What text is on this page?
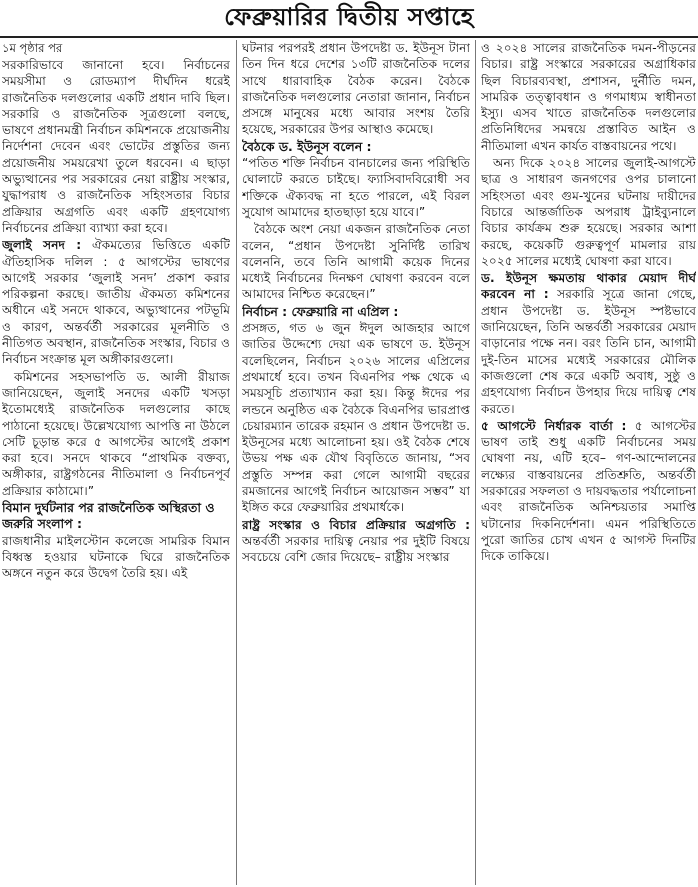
ফেব্রুয়ারির দ্বিতীয় সপ্তাহে
১ম পৃষ্ঠার পর

সরকারিভাবে জানানো হবে। নির্বাচনের সময়সীমা ও রোডম্যাপ দীর্ঘদিন ধরেই রাজনৈতিক দলগুলোর একটি প্রধান দাবি ছিল। সরকারি ও রাজনৈতিক সূত্রগুলো বলছে, ভাষণে প্রধানমন্ত্রী নির্বাচন কমিশনকে প্রয়োজনীয় নির্দেশনা দেবেন এবং ভোটের প্রস্তুতির জন্য প্রয়োজনীয় সময়রেখা তুলে ধরবেন। এ ছাড়া অভ্যুত্থানের পর সরকারের নেয়া রাষ্ট্রীয় সংস্কার, যুদ্ধাপরাধ ও রাজনৈতিক সহিংসতার বিচার প্রক্রিয়ার অগ্রগতি এবং একটি গ্রহণযোগ্য নির্বাচনের প্রক্রিয়া ব্যাখ্যা করা হবে।

জুলাই সনদ : ঐকমত্যের ভিত্তিতে একটি ঐতিহাসিক দলিল : ৫ আগস্টের ভাষণের আগেই সরকার ‘জুলাই সনদ’ প্রকাশ করার পরিকল্পনা করছে। জাতীয় ঐকমত্য কমিশনের অধীনে এই সনদে থাকবে, অভ্যুত্থানের পটভূমি ও কারণ, অন্তর্বর্তী সরকারের মূলনীতি ও নীতিগত অবস্থান, রাজনৈতিক সংস্কার, বিচার ও নির্বাচন সংক্রান্ত মূল অঙ্গীকারগুলো।

কমিশনের সহসভাপতি ড. আলী রীয়াজ জানিয়েছেন, জুলাই সনদের একটি খসড়া ইতোমধ্যেই রাজনৈতিক দলগুলোর কাছে পাঠানো হয়েছে। উল্লেখযোগ্য আপত্তি না উঠলে সেটি চূড়ান্ত করে ৫ আগস্টের আগেই প্রকাশ করা হবে। সনদে থাকবে “প্রাথমিক বক্তব্য, অঙ্গীকার, রাষ্ট্রগঠনের নীতিমালা ও নির্বাচনপূর্ব প্রক্রিয়ার কাঠামো।”

বিমান দুর্ঘটনার পর রাজনৈতিক অস্থিরতা ও জরুরি সংলাপ :

রাজধানীর মাইলস্টোন কলেজে সামরিক বিমান বিধ্বস্ত হওয়ার ঘটনাকে ঘিরে রাজনৈতিক অঙ্গনে নতুন করে উদ্বেগ তৈরি হয়। এই

ঘটনার পরপরই প্রধান উপদেষ্টা ড. ইউনূস টানা তিন দিন ধরে দেশের ১৩টি রাজনৈতিক দলের সাথে ধারাবাহিক বৈঠক করেন। বৈঠকে রাজনৈতিক দলগুলোর নেতারা জানান, নির্বাচন প্রসঙ্গে মানুষের মধ্যে আবার সংশয় তৈরি হয়েছে, সরকারের উপর আস্থাও কমেছে।

বৈঠকে ড. ইউনূস বলেন :

“পতিত শক্তি নির্বাচন বানচালের জন্য পরিস্থিতি ঘোলাটে করতে চাইছে। ফ্যাসিবাদবিরোধী সব শক্তিকে ঐক্যবদ্ধ না হতে পারলে, এই বিরল সুযোগ আমাদের হাতছাড়া হয়ে যাবে।”

বৈঠকে অংশ নেয়া একজন রাজনৈতিক নেতা বলেন, “প্রধান উপদেষ্টা সুনির্দিষ্ট তারিখ বলেননি, তবে তিনি আগামী কয়েক দিনের মধ্যেই নির্বাচনের দিনক্ষণ ঘোষণা করবেন বলে আমাদের নিশ্চিত করেছেন।”

নির্বাচন : ফেব্রুয়ারি না এপ্রিল :

প্রসঙ্গত, গত ৬ জুন ঈদুল আজহার আগে জাতির উদ্দেশ্যে দেয়া এক ভাষণে ড. ইউনূস বলেছিলেন, নির্বাচন ২০২৬ সালের এপ্রিলের প্রথমার্ধে হবে। তখন বিএনপির পক্ষ থেকে এ সময়সূচি প্রত্যাখ্যান করা হয়। কিন্তু ঈদের পর লন্ডনে অনুষ্ঠিত এক বৈঠকে বিএনপির ভারপ্রাপ্ত চেয়ারম্যান তারেক রহমান ও প্রধান উপদেষ্টা ড. ইউনূসের মধ্যে আলোচনা হয়। ওই বৈঠক শেষে উভয় পক্ষ এক যৌথ বিবৃতিতে জানায়, “সব প্রস্তুতি সম্পন্ন করা গেলে আগামী বছরের রমজানের আগেই নির্বাচন আয়োজন সম্ভব” যা ইঙ্গিত করে ফেব্রুয়ারির প্রথমার্ধকে।

রাষ্ট্র সংস্কার ও বিচার প্রক্রিয়ার অগ্রগতি : অন্তর্বর্তী সরকার দায়িত্ব নেয়ার পর দুইটি বিষয়ে সবচেয়ে বেশি জোর দিয়েছে– রাষ্ট্রীয় সংস্কার

ও ২০২৪ সালের রাজনৈতিক দমন-পীড়নের বিচার। রাষ্ট্র সংস্কারে সরকারের অগ্রাধিকার ছিল বিচারব্যবস্থা, প্রশাসন, দুর্নীতি দমন, সামরিক তত্ত্বাবধান ও গণমাধ্যম স্বাধীনতা ইস্যু। এসব খাতে রাজনৈতিক দলগুলোর প্রতিনিধিদের সমন্বয়ে প্রস্তাবিত আইন ও নীতিমালা এখন কার্যত বাস্তবায়নের পথে।

অন্য দিকে ২০২৪ সালের জুলাই-আগস্টে ছাত্র ও সাধারণ জনগণের ওপর চালানো সহিংসতা এবং গুম-খুনের ঘটনায় দায়ীদের বিচারে আন্তর্জাতিক অপরাধ ট্রাইব্যুনালে বিচার কার্যক্রম শুরু হয়েছে। সরকার আশা করছে, কয়েকটি গুরুত্বপূর্ণ মামলার রায় ২০২৫ সালের মধ্যেই ঘোষণা করা যাবে।

ড. ইউনূস ক্ষমতায় থাকার মেয়াদ দীর্ঘ করবেন না : সরকারি সূত্রে জানা গেছে, প্রধান উপদেষ্টা ড. ইউনূস স্পষ্টভাবে জানিয়েছেন, তিনি অন্তর্বর্তী সরকারের মেয়াদ বাড়ানোর পক্ষে নন। বরং তিনি চান, আগামী দুই-তিন মাসের মধ্যেই সরকারের মৌলিক কাজগুলো শেষ করে একটি অবাধ, সুষ্ঠু ও গ্রহণযোগ্য নির্বাচন উপহার দিয়ে দায়িত্ব শেষ করতে।

৫ আগস্টে নির্ধারক বার্তা : ৫ আগস্টের ভাষণ তাই শুধু একটি নির্বাচনের সময় ঘোষণা নয়, এটি হবে– গণ-আন্দোলনের লক্ষ্যের বাস্তবায়নের প্রতিশ্রুতি, অন্তর্বর্তী সরকারের সফলতা ও দায়বদ্ধতার পর্যালোচনা এবং রাজনৈতিক অনিশ্চয়তার সমাপ্তি ঘটানোর দিকনির্দেশনা। এমন পরিস্থিতিতে পুরো জাতির চোখ এখন ৫ আগস্ট দিনটির দিকে তাকিয়ে।
